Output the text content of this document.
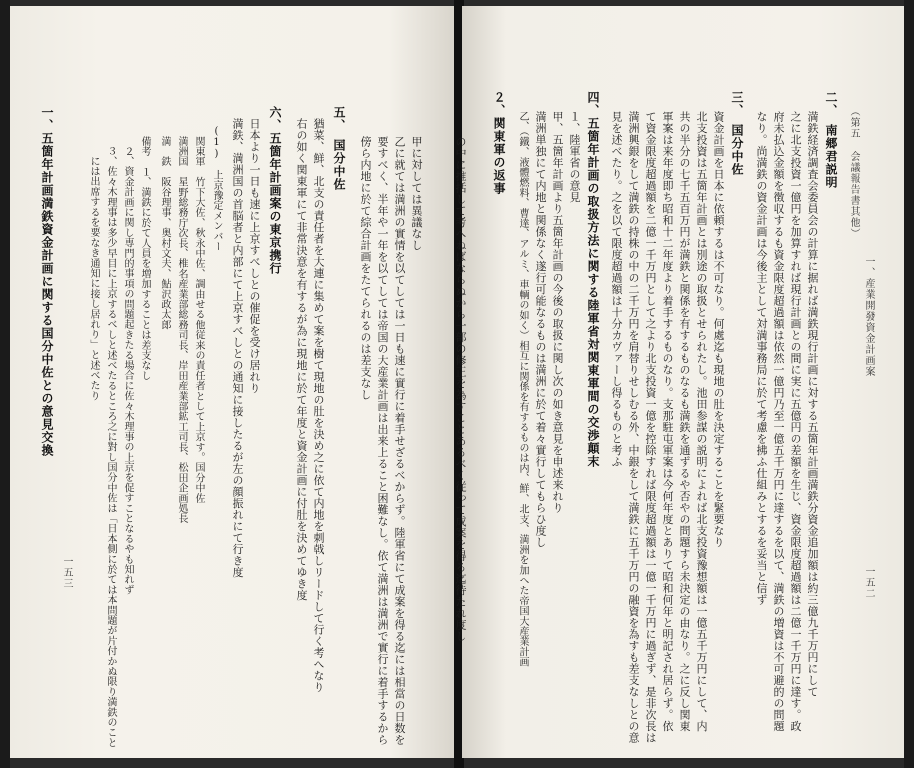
一五三
甲に対しては異議なし
乙に就ては満洲の實情を以てしては一日も速に實行に着手せざるべからず。陸軍省にて成案を得る迄には相當の日数を
要すべく、半年や一年を以てしては帝国の大産業計画は出来上ること困難なし。依て満洲は満洲で實行に着手するから
傍ら内地に於て綜合計画をたてられるのは差支なし
五、　国分中佐
猶菜、鮮、北支の責任者を大連に集めて案を樹て現地の肚を決め之に依て内地を刺戟しリードして行く考へなり
右の如く関東軍にて非常決意を有するが為に現地に於て年度と資金計画に付肚を決めてゆき度
六、五箇年計画案の東京携行
日本より一日も速に上京すべしとの催促を受け居れり
満鉄、満洲国の首脳者と内部にて上京すべしとの通知に接したるが左の顔振れにて行き度
(1)　上京豫定メンバー
関東軍　竹下大佐、秋永中佐、調由せる他従来の責任者として上京す。国分中佐
満洲国　星野総務庁次長、椎名産業部総務司長、岸田産業部鉱工司長、松田企画処長
満　鉄　阪谷理事、奥村文夫、鮎沢政太郎
備考　１、満鉄に於て人員を増加することは差支なし
２、資金計画に関し専門的事項の問題起きたる場合に佐々木理事の上京を促すことなるやも知れず
３、佐々木理事は多少早目に上京するべしと述べたるところ之に對し国分中佐は「日本側に於ては本問題が片付かぬ限り満鉄のこと
には出席するを要なき通知に接し居れり」と述べたり
一、五箇年計画満鉄資金計画に関する国分中佐との意見交換	一、産業開發資金計画案
一五二
（第五 会議報告書其他）
二、　南郷君説明
満鉄経済調査会委員会の計算に据れば満鉄現行計画に対する五箇年計画満鉄分資金追加額は約三億九千万円にして
之に北支投資一億円を加算すれば現行計画との間に実に五億円の差額を生じ、資金限度超過額は二億一千万円に達す。政
府未払込金額を徴収するも資金限度超過額は依然一億円乃至一億五千万円に達するを以て、満鉄の増資は不可避的の問題
なり。尚満鉄の資金計画は今後主として対満事務局に於て考慮を拂ふ仕組みとするを妥当と信ず
三、　国分中佐
資金計画を日本に依頼するは不可なり。何處迄も現地の肚を決定することを緊要なり
北支投資は五箇年計画とは別途の取扱とせられたし。池田参謀の説明によれば北支投資豫想額は一億五千万円にして、内
共の半分の七千五百万円が満鉄と関係を有するものなるも満鉄を通ずるや否やの問題すら未決定の由なり。之に反し関東
軍案は来年度即ち昭和十二年度より着手するものなり。支那駐屯軍案は今何年度とありて昭和何年と明記され居らず。依
て資金限度超過額を二億一千万円として之より北支投資一億を控除すれば限度超過額は一億一千万円に過ぎず、是非次長は
満洲興銀をして満鉄の持株の中の二千万円を肩替りせしむる外、中銀をして満鉄に五千万円の融資を為すも差支なしとの意
見を述べたり。之を以て限度超過額は十分カヴァーし得るものと考ふ
四、五箇年計画の取扱方法に関する陸軍省対関東軍間の交渉顛末
１、陸軍省の意見
甲、五箇年計画より五箇年計画の今後の取扱に関し次の如き意見を申述来れり
満洲単独にて内地と関係なく遂行可能なるものは満洲に於て着々實行してもらひ度し
乙、（鐵、液體燃料、曹達、アルミ、車輌の如く）相互に関係を有するものは内、鮮、北支、満洲を加へた帝国大産業計画
の中に推括して考へねばならぬから一部の修正を為すことあるべく従って成案を得る迄待たれ度し ２、関東軍の返事
